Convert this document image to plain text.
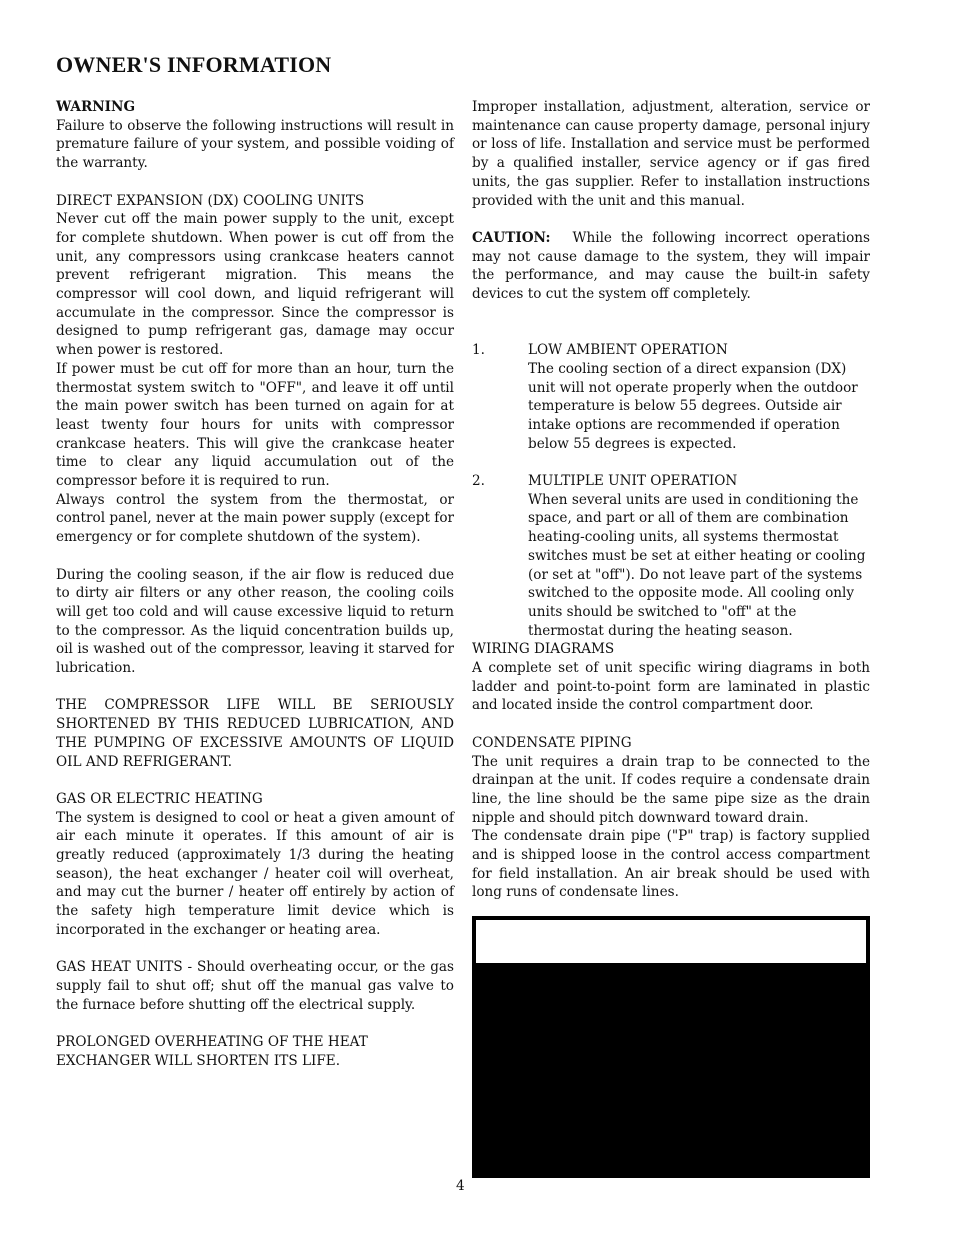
OWNER'S INFORMATION

WARNING

Failure to observe the following instructions will result in premature failure of your system, and possible voiding of the warranty.

DIRECT EXPANSION (DX) COOLING UNITS

Never cut off the main power supply to the unit, except for complete shutdown. When power is cut off from the unit, any compressors using crankcase heaters cannot prevent refrigerant migration. This means the compressor will cool down, and liquid refrigerant will accumulate in the compressor. Since the compressor is designed to pump refrigerant gas, damage may occur when power is restored.

If power must be cut off for more than an hour, turn the thermostat system switch to "OFF", and leave it off until the main power switch has been turned on again for at least twenty four hours for units with compressor crankcase heaters. This will give the crankcase heater time to clear any liquid accumulation out of the compressor before it is required to run.

Always control the system from the thermostat, or control panel, never at the main power supply (except for emergency or for complete shutdown of the system).

During the cooling season, if the air flow is reduced due to dirty air filters or any other reason, the cooling coils will get too cold and will cause excessive liquid to return to the compressor. As the liquid concentration builds up, oil is washed out of the compressor, leaving it starved for lubrication.

THE COMPRESSOR LIFE WILL BE SERIOUSLY SHORTENED BY THIS REDUCED LUBRICATION, AND THE PUMPING OF EXCESSIVE AMOUNTS OF LIQUID OIL AND REFRIGERANT.

GAS OR ELECTRIC HEATING

The system is designed to cool or heat a given amount of air each minute it operates. If this amount of air is greatly reduced (approximately 1/3 during the heating season), the heat exchanger / heater coil will overheat, and may cut the burner / heater off entirely by action of the safety high temperature limit device which is incorporated in the exchanger or heating area.

GAS HEAT UNITS - Should overheating occur, or the gas supply fail to shut off; shut off the manual gas valve to the furnace before shutting off the electrical supply.

PROLONGED OVERHEATING OF THE HEAT EXCHANGER WILL SHORTEN ITS LIFE.

Improper installation, adjustment, alteration, service or maintenance can cause property damage, personal injury or loss of life. Installation and service must be performed by a qualified installer, service agency or if gas fired units, the gas supplier. Refer to installation instructions provided with the unit and this manual.

CAUTION: While the following incorrect operations may not cause damage to the system, they will impair the performance, and may cause the built-in safety devices to cut the system off completely.

1.	LOW AMBIENT OPERATION

The cooling section of a direct expansion (DX) unit will not operate properly when the outdoor temperature is below 55 degrees. Outside air intake options are recommended if operation below 55 degrees is expected.

2.	MULTIPLE UNIT OPERATION

When several units are used in conditioning the space, and part or all of them are combination heating-cooling units, all systems thermostat switches must be set at either heating or cooling (or set at "off"). Do not leave part of the systems switched to the opposite mode. All cooling only units should be switched to "off" at the thermostat during the heating season.

WIRING DIAGRAMS

A complete set of unit specific wiring diagrams in both ladder and point-to-point form are laminated in plastic and located inside the control compartment door.

CONDENSATE PIPING

The unit requires a drain trap to be connected to the drainpan at the unit. If codes require a condensate drain line, the line should be the same pipe size as the drain nipple and should pitch downward toward drain.

The condensate drain pipe ("P" trap) is factory supplied and is shipped loose in the control access compartment for field installation. An air break should be used with long runs of condensate lines.

4
